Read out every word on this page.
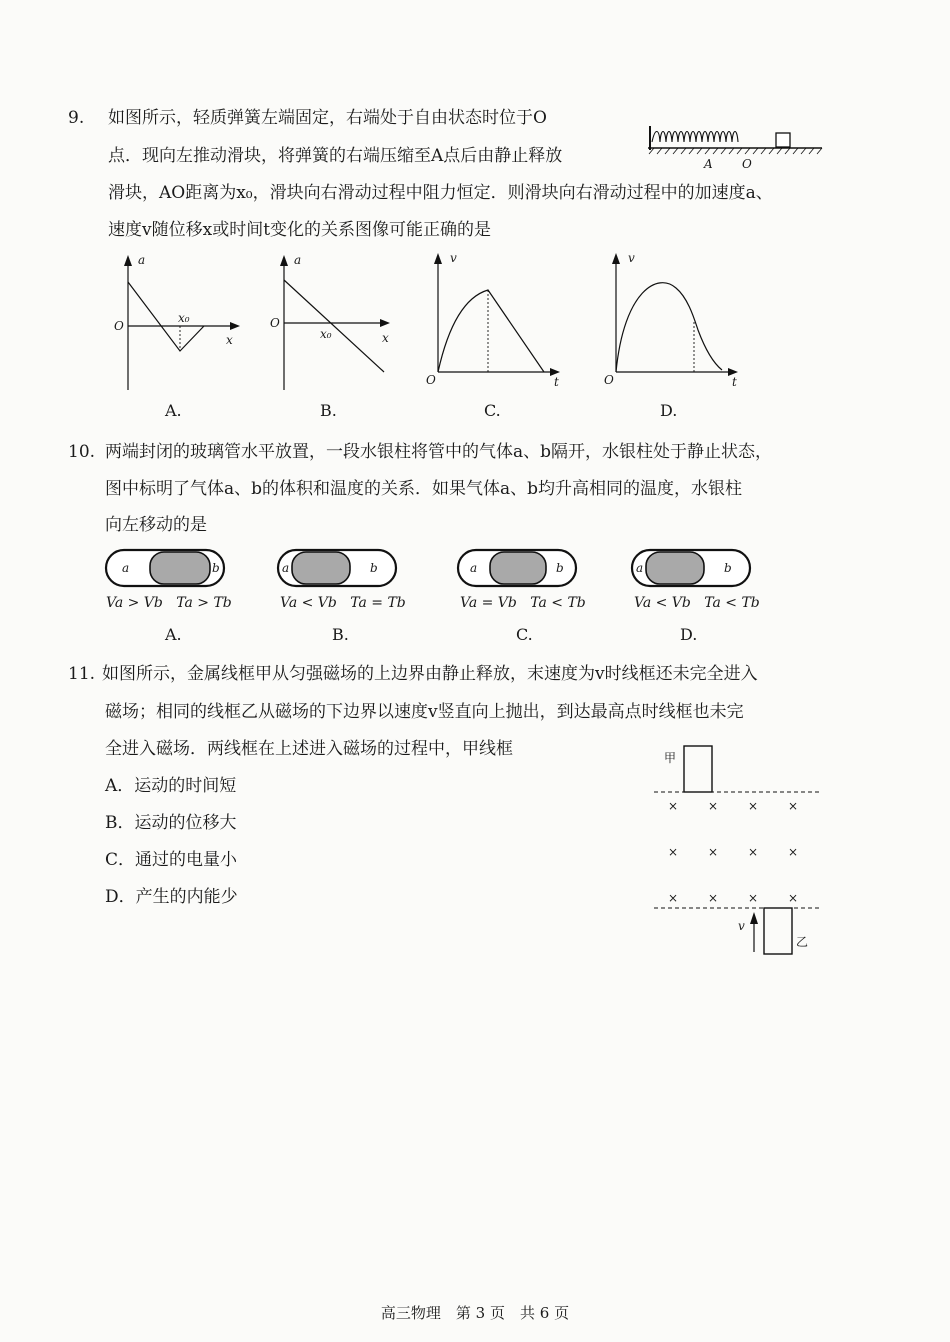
9. 如图所示，轻质弹簧左端固定，右端处于自由状态时位于O
点．现向左推动滑块，将弹簧的右端压缩至A点后由静止释放
滑块，AO距离为x₀，滑块向右滑动过程中阻力恒定．则滑块向右滑动过程中的加速度a、
速度v随位移x或时间t变化的关系图像可能正确的是
A O
a
O
x
x₀
A.
a
O
x
x₀
B.
v
O	t
C.
v
O	t
D.
10. 两端封闭的玻璃管水平放置，一段水银柱将管中的气体a、b隔开，水银柱处于静止状态，
图中标明了气体a、b的体积和温度的关系．如果气体a、b均升高相同的温度，水银柱
向左移动的是
a	b
Va > Vb   Ta > Tb
A.
a	b
Va < Vb   Ta = Tb
B.
a	b
Va = Vb   Ta < Tb
C.
a	b
Va < Vb   Ta < Tb
D.
11. 如图所示，金属线框甲从匀强磁场的上边界由静止释放，末速度为v时线框还未完全进入
磁场；相同的线框乙从磁场的下边界以速度v竖直向上抛出，到达最高点时线框也未完
全进入磁场．两线框在上述进入磁场的过程中，甲线框
A．运动的时间短
B．运动的位移大
C．通过的电量小
D．产生的内能少
甲
× × × ×
× × × ×
× × × ×
v
乙
高三物理　第 3 页　共 6 页
